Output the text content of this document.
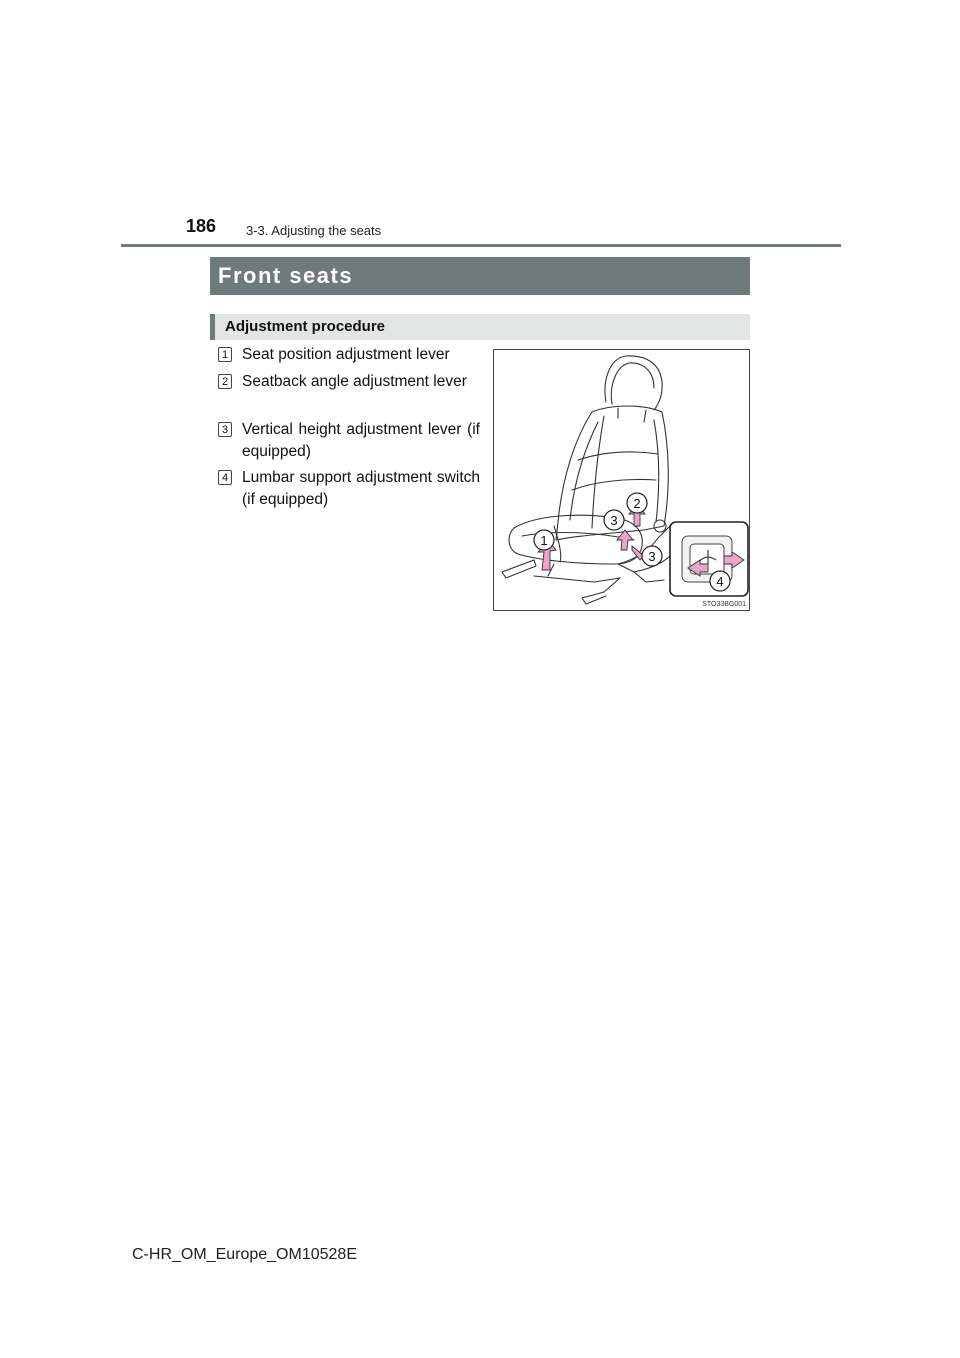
186 3-3. Adjusting the seats
Front seats
Adjustment procedure
1 Seat position adjustment lever
2 Seatback angle adjustment lever
3 Vertical height adjustment lever (if equipped)
4 Lumbar support adjustment switch (if equipped)
1
2
3
3
4
STO33BG001
C-HR_OM_Europe_OM10528E
